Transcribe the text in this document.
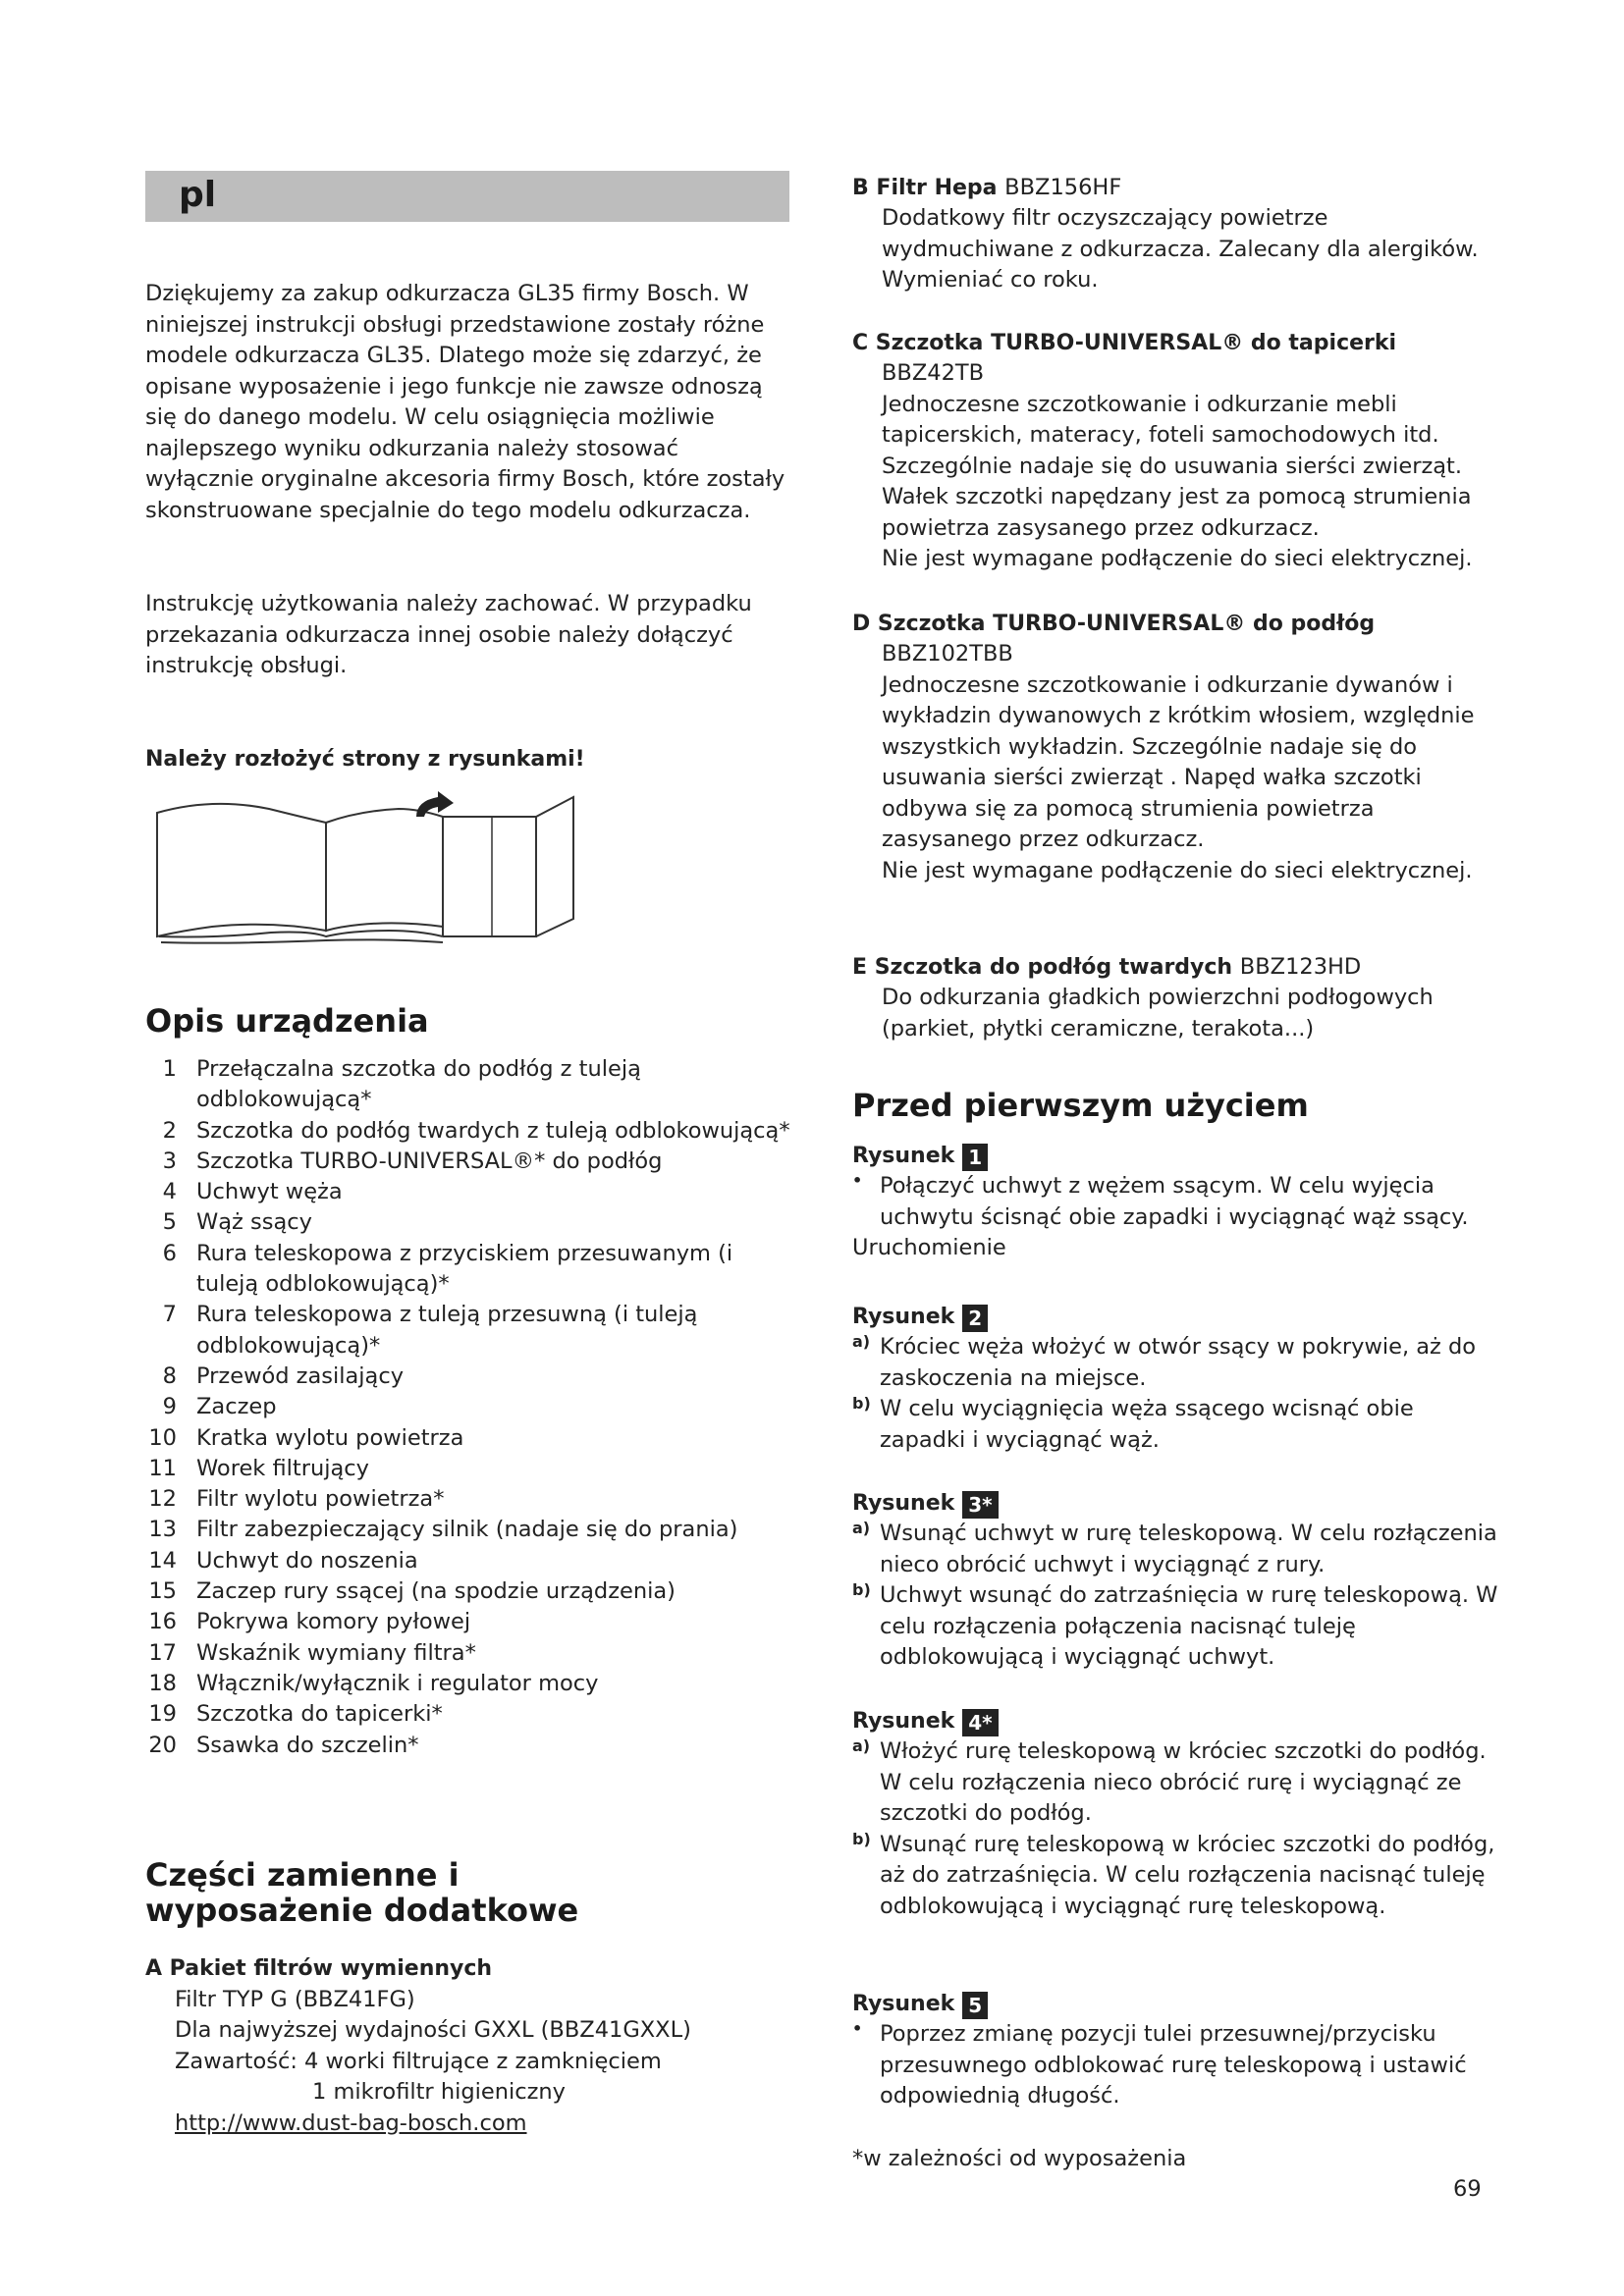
pl

Dziękujemy za zakup odkurzacza GL35 firmy Bosch. W niniejszej instrukcji obsługi przedstawione zostały różne modele odkurzacza GL35. Dlatego może się zdarzyć, że opisane wyposażenie i jego funkcje nie zawsze odnoszą się do danego modelu. W celu osiągnięcia możliwie najlepszego wyniku odkurzania należy stosować wyłącznie oryginalne akcesoria firmy Bosch, które zostały skonstruowane specjalnie do tego modelu odkurzacza.

Instrukcję użytkowania należy zachować. W przypadku przekazania odkurzacza innej osobie należy dołączyć instrukcję obsługi.

Należy rozłożyć strony z rysunkami!

Opis urządzenia
1 Przełączalna szczotka do podłóg z tuleją odblokowującą*
2 Szczotka do podłóg twardych z tuleją odblokowującą*
3 Szczotka TURBO-UNIVERSAL®* do podłóg
4 Uchwyt węża
5 Wąż ssący
6 Rura teleskopowa z przyciskiem przesuwanym (i tuleją odblokowującą)*
7 Rura teleskopowa z tuleją przesuwną (i tuleją odblokowującą)*
8 Przewód zasilający
9 Zaczep
10 Kratka wylotu powietrza
11 Worek filtrujący
12 Filtr wylotu powietrza*
13 Filtr zabezpieczający silnik (nadaje się do prania)
14 Uchwyt do noszenia
15 Zaczep rury ssącej (na spodzie urządzenia)
16 Pokrywa komory pyłowej
17 Wskaźnik wymiany filtra*
18 Włącznik/wyłącznik i regulator mocy
19 Szczotka do tapicerki*
20 Ssawka do szczelin*
Części zamienne i wyposażenie dodatkowe

A Pakiet filtrów wymiennych

Filtr TYP G (BBZ41FG)

Dla najwyższej wydajności GXXL (BBZ41GXXL)

Zawartość: 4 worki filtrujące z zamknięciem

1 mikrofiltr higieniczny

http://www.dust-bag-bosch.com

B Filtr Hepa BBZ156HF

Dodatkowy filtr oczyszczający powietrze wydmuchiwane z odkurzacza. Zalecany dla alergików. Wymieniać co roku.

C Szczotka TURBO-UNIVERSAL® do tapicerki

BBZ42TB

Jednoczesne szczotkowanie i odkurzanie mebli tapicerskich, materacy, foteli samochodowych itd. Szczególnie nadaje się do usuwania sierści zwierząt. Wałek szczotki napędzany jest za pomocą strumienia powietrza zasysanego przez odkurzacz.

Nie jest wymagane podłączenie do sieci elektrycznej.

D Szczotka TURBO-UNIVERSAL® do podłóg

BBZ102TBB

Jednoczesne szczotkowanie i odkurzanie dywanów i wykładzin dywanowych z krótkim włosiem, względnie wszystkich wykładzin. Szczególnie nadaje się do usuwania sierści zwierząt . Napęd wałka szczotki odbywa się za pomocą strumienia powietrza zasysanego przez odkurzacz.

Nie jest wymagane podłączenie do sieci elektrycznej.

E Szczotka do podłóg twardych BBZ123HD

Do odkurzania gładkich powierzchni podłogowych (parkiet, płytki ceramiczne, terakota...)

Przed pierwszym użyciem
Rysunek 1
• Połączyć uchwyt z wężem ssącym. W celu wyjęcia uchwytu ścisnąć obie zapadki i wyciągnąć wąż ssący.

Uruchomienie

Rysunek 2
a) Króciec węża włożyć w otwór ssący w pokrywie, aż do zaskoczenia na miejsce.

b) W celu wyciągnięcia węża ssącego wcisnąć obie zapadki i wyciągnąć wąż.

Rysunek 3*
a) Wsunąć uchwyt w rurę teleskopową. W celu rozłączenia nieco obrócić uchwyt i wyciągnąć z rury.

b) Uchwyt wsunąć do zatrzaśnięcia w rurę teleskopową. W celu rozłączenia połączenia nacisnąć tuleję odblokowującą i wyciągnąć uchwyt.

Rysunek 4*
a) Włożyć rurę teleskopową w króciec szczotki do podłóg. W celu rozłączenia nieco obrócić rurę i wyciągnąć ze szczotki do podłóg.

b) Wsunąć rurę teleskopową w króciec szczotki do podłóg, aż do zatrzaśnięcia. W celu rozłączenia nacisnąć tuleję odblokowującą i wyciągnąć rurę teleskopową.

Rysunek 5
• Poprzez zmianę pozycji tulei przesuwnej/przycisku przesuwnego odblokować rurę teleskopową i ustawić odpowiednią długość.

*w zależności od wyposażenia

69
